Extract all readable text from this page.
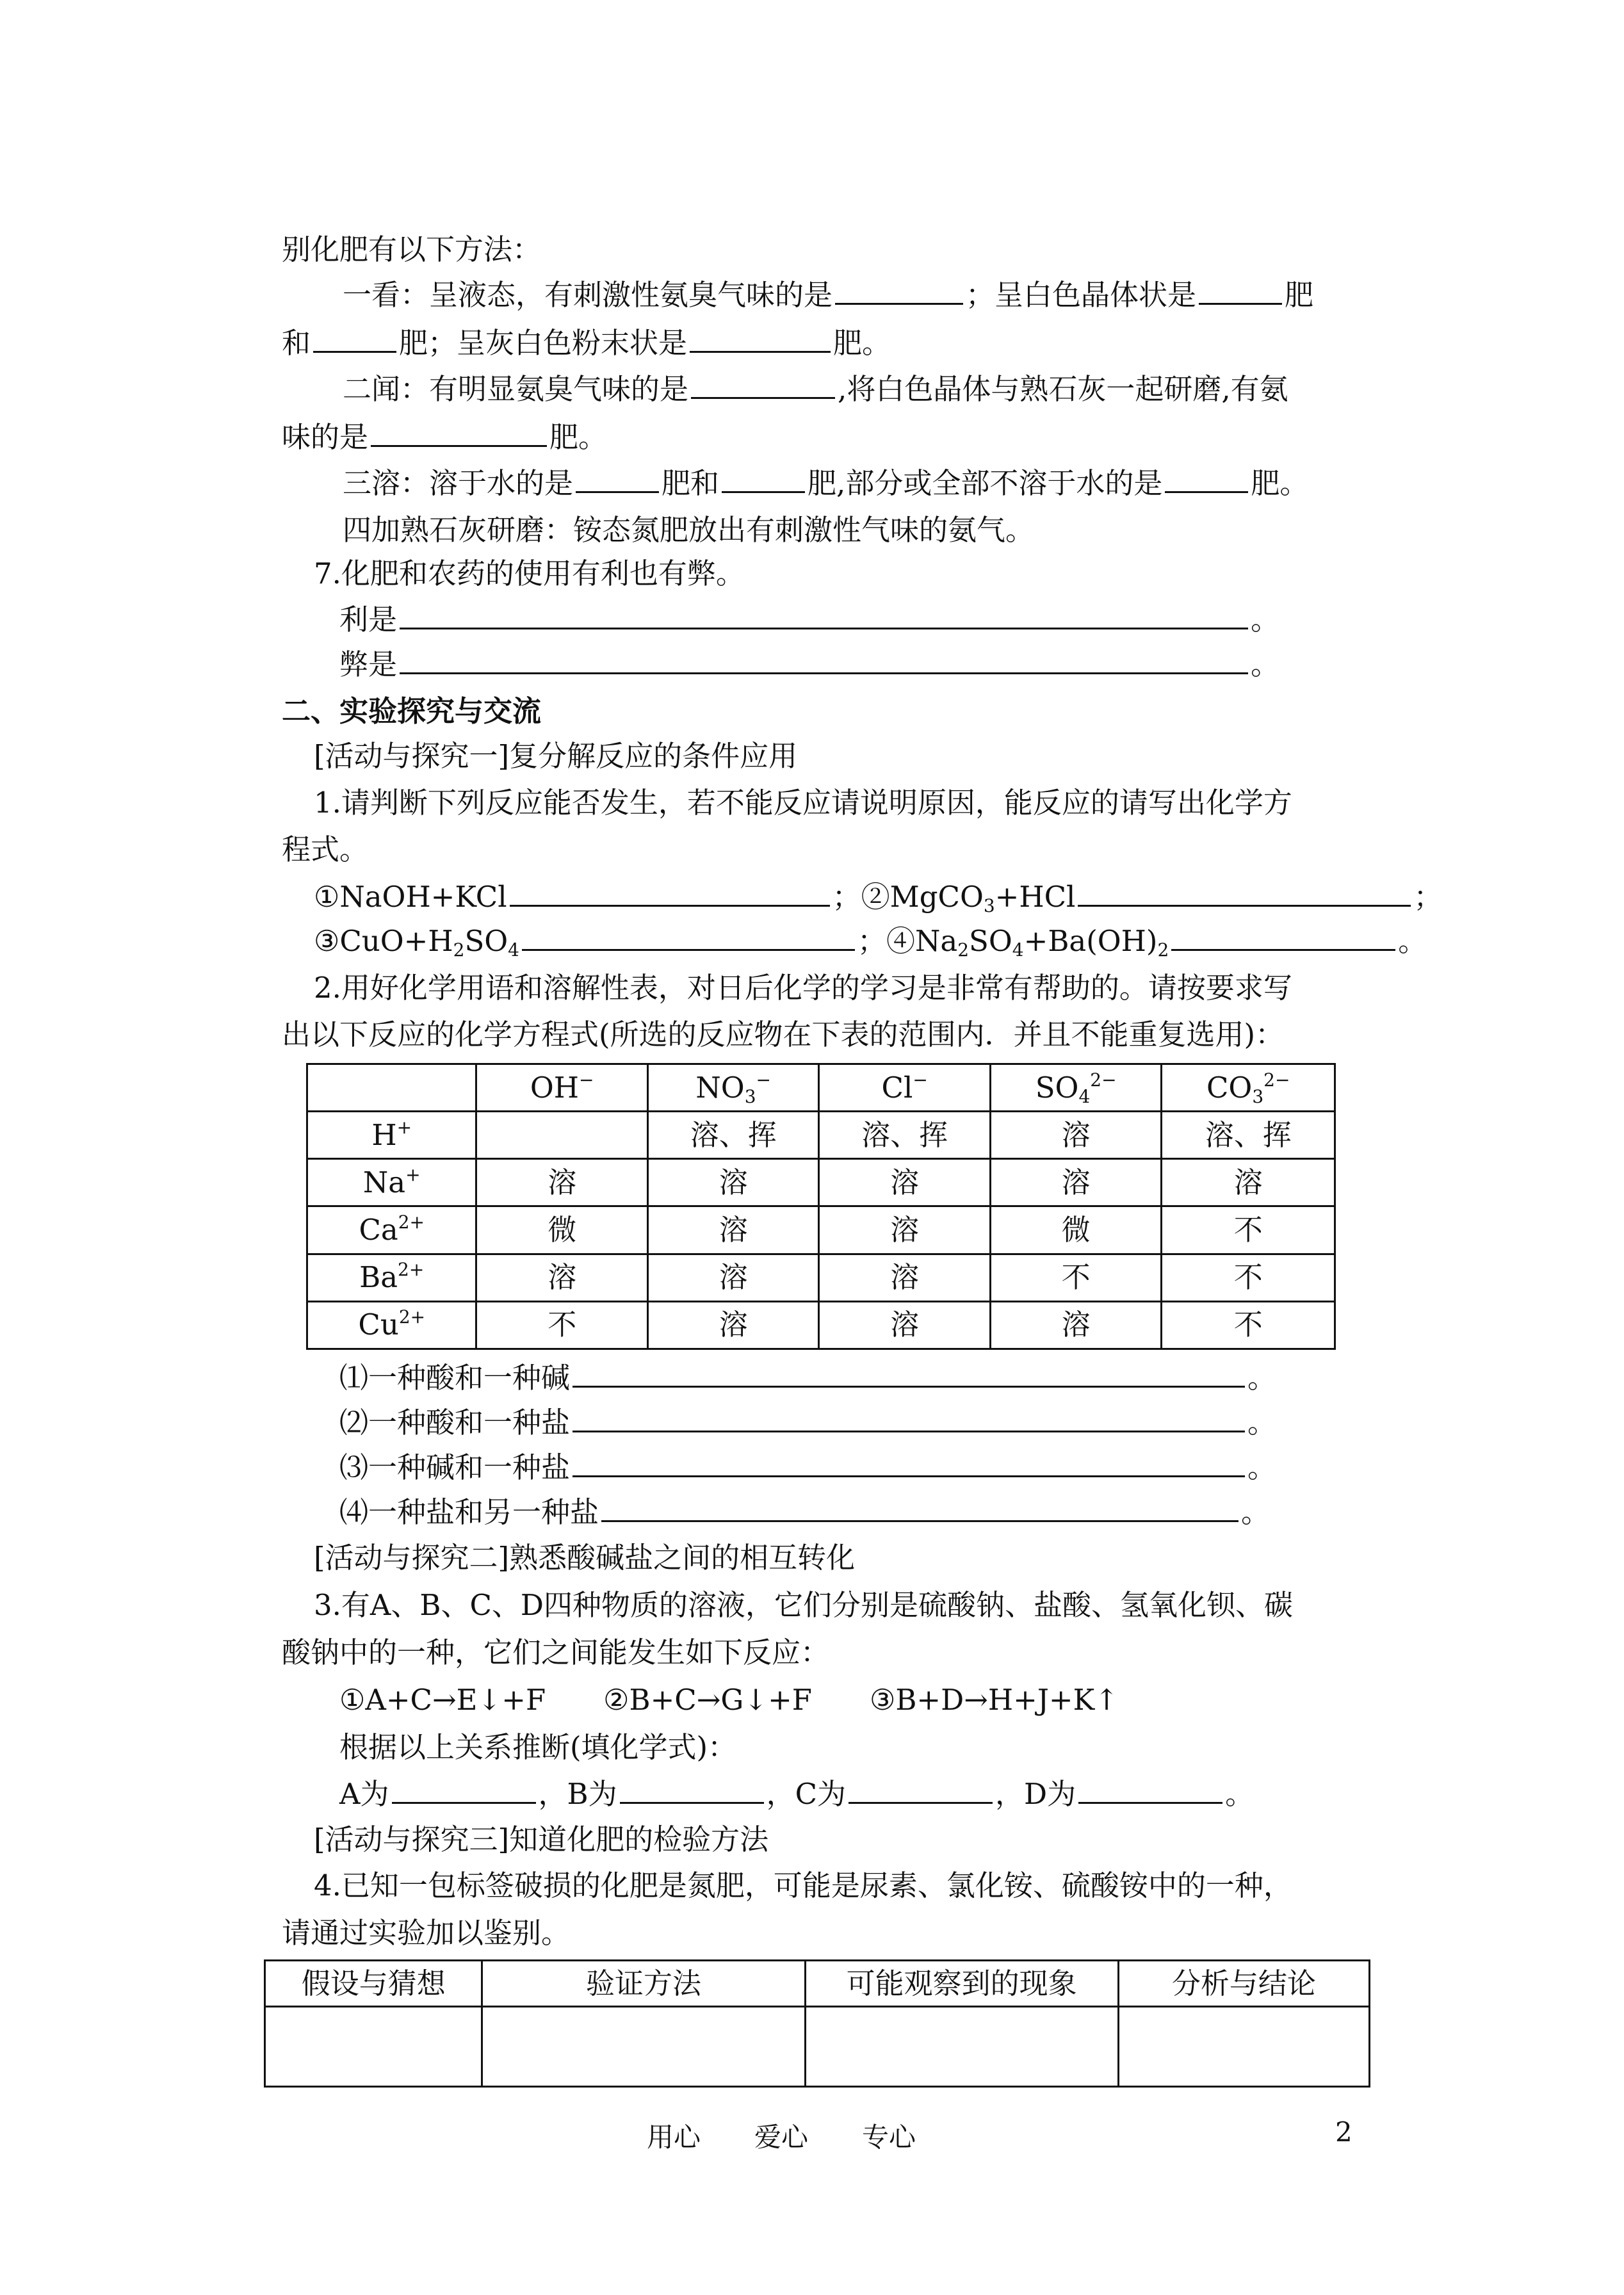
别化肥有以下方法：
一看：呈液态，有刺激性氨臭气味的是	；呈白色晶体状是	肥
和	肥；呈灰白色粉末状是	肥。
二闻：有明显氨臭气味的是	,将白色晶体与熟石灰一起研磨,有氨
味的是	肥。
三溶：溶于水的是	肥和	肥,部分或全部不溶于水的是	肥。
四加熟石灰研磨：铵态氮肥放出有刺激性气味的氨气。
7.化肥和农药的使用有利也有弊。
利是	。
弊是	。
二、实验探究与交流
[活动与探究一]复分解反应的条件应用
1.请判断下列反应能否发生，若不能反应请说明原因，能反应的请写出化学方
程式。
①NaOH+KCl	；②MgCO$_3$+HCl	；
$③CuO+H_2SO_4$	；$④Na_2SO_4+Ba(OH)_2$	。
2.用好化学用语和溶解性表，对日后化学的学习是非常有帮助的。请按要求写
出以下反应的化学方程式(所选的反应物在下表的范围内．并且不能重复选用)：
	OH−	$NO_3^-$	Cl−	$SO_4^{2-}$	$CO_3^{2-}$
H+		溶、挥	溶、挥	溶	溶、挥
Na+	溶	溶	溶	溶	溶
$Ca^{2+}$	微	溶	溶	微	不
$Ba^{2+}$	溶	溶	溶	不	不
$Cu^{2+}$	不	溶	溶	溶	不
⑴一种酸和一种碱	。
⑵一种酸和一种盐	。
⑶一种碱和一种盐	。
⑷一种盐和另一种盐	。
[活动与探究二]熟悉酸碱盐之间的相互转化
3.有A、B、C、D四种物质的溶液，它们分别是硫酸钠、盐酸、氢氧化钡、碳
酸钠中的一种，它们之间能发生如下反应：
①A+C→E↓+F　　②B+C→G↓+F　　③B+D→H+J+K↑
根据以上关系推断(填化学式)：
A为	，B为	，C为	，D为	。
[活动与探究三]知道化肥的检验方法
4.已知一包标签破损的化肥是氮肥，可能是尿素、氯化铵、硫酸铵中的一种，
请通过实验加以鉴别。
假设与猜想	验证方法	可能观察到的现象	分析与结论

用心　　爱心　　专心	2
